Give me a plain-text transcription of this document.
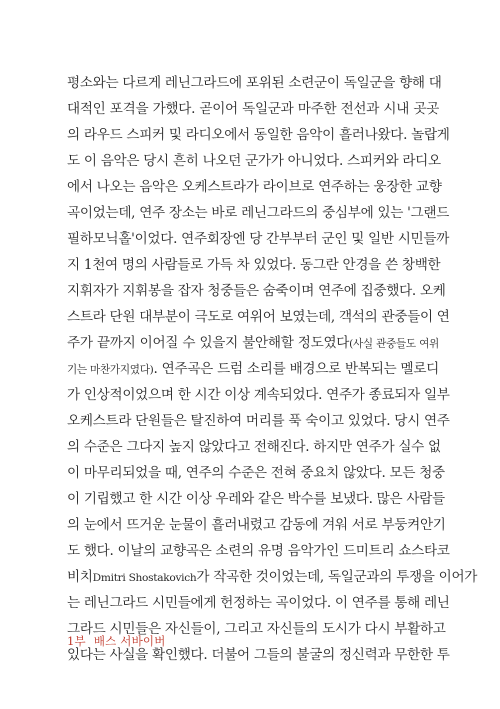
평소와는 다르게 레닌그라드에 포위된 소련군이 독일군을 향해 대
대적인 포격을 가했다. 곧이어 독일군과 마주한 전선과 시내 곳곳
의 라우드 스피커 및 라디오에서 동일한 음악이 흘러나왔다. 놀랍게
도 이 음악은 당시 흔히 나오던 군가가 아니었다. 스피커와 라디오
에서 나오는 음악은 오케스트라가 라이브로 연주하는 웅장한 교향
곡이었는데, 연주 장소는 바로 레닌그라드의 중심부에 있는 '그랜드
필하모닉홀'이었다. 연주회장엔 당 간부부터 군인 및 일반 시민들까
지 1천여 명의 사람들로 가득 차 있었다. 동그란 안경을 쓴 창백한
지휘자가 지휘봉을 잡자 청중들은 숨죽이며 연주에 집중했다. 오케
스트라 단원 대부분이 극도로 여위어 보였는데, 객석의 관중들이 연
주가 끝까지 이어질 수 있을지 불안해할 정도였다(사실 관중들도 여위
기는 마찬가지였다). 연주곡은 드럼 소리를 배경으로 반복되는 멜로디
가 인상적이었으며 한 시간 이상 계속되었다. 연주가 종료되자 일부
오케스트라 단원들은 탈진하여 머리를 푹 숙이고 있었다. 당시 연주
의 수준은 그다지 높지 않았다고 전해진다. 하지만 연주가 실수 없
이 마무리되었을 때, 연주의 수준은 전혀 중요치 않았다. 모든 청중
이 기립했고 한 시간 이상 우레와 같은 박수를 보냈다. 많은 사람들
의 눈에서 뜨거운 눈물이 흘러내렸고 감동에 겨워 서로 부둥켜안기
도 했다. 이날의 교향곡은 소련의 유명 음악가인 드미트리 쇼스타코
비치Dmitri Shostakovich가 작곡한 것이었는데, 독일군과의 투쟁을 이어가
는 레닌그라드 시민들에게 헌정하는 곡이었다. 이 연주를 통해 레닌
그라드 시민들은 자신들이, 그리고 자신들의 도시가 다시 부활하고
있다는 사실을 확인했다. 더불어 그들의 불굴의 정신력과 무한한 투
1부 배스 서바이버
